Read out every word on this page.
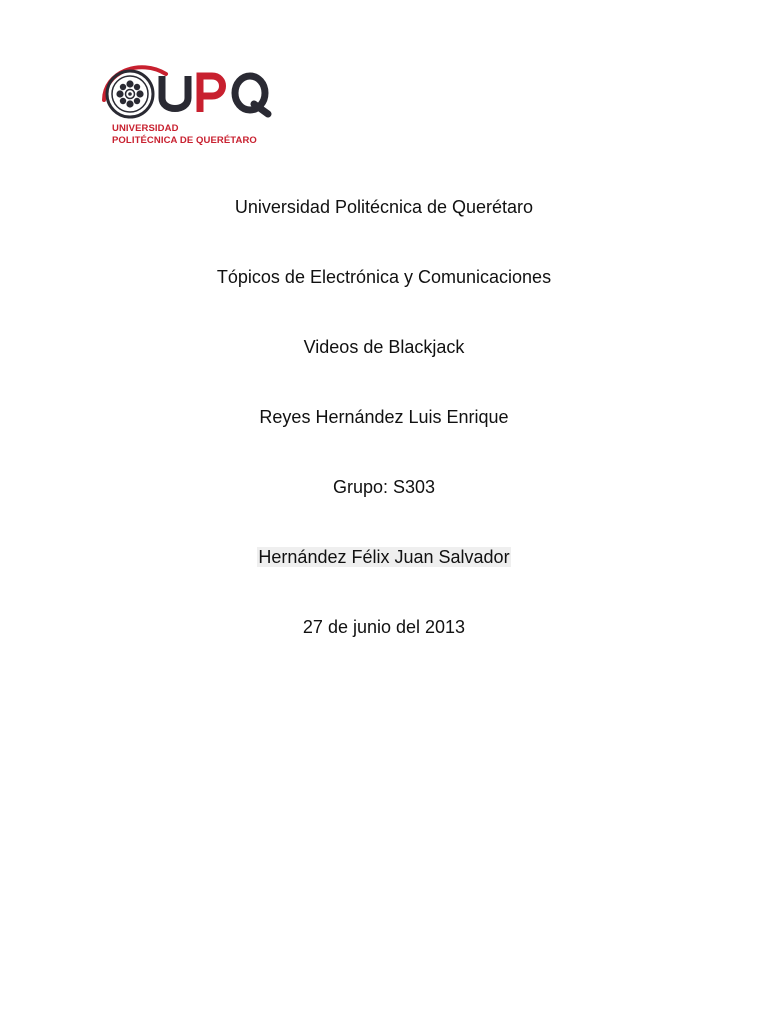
UNIVERSIDAD
POLITÉCNICA DE QUERÉTARO
Universidad Politécnica de Querétaro
Tópicos de Electrónica y Comunicaciones
Videos de Blackjack
Reyes Hernández Luis Enrique
Grupo: S303
Hernández Félix Juan Salvador
27 de junio del 2013
